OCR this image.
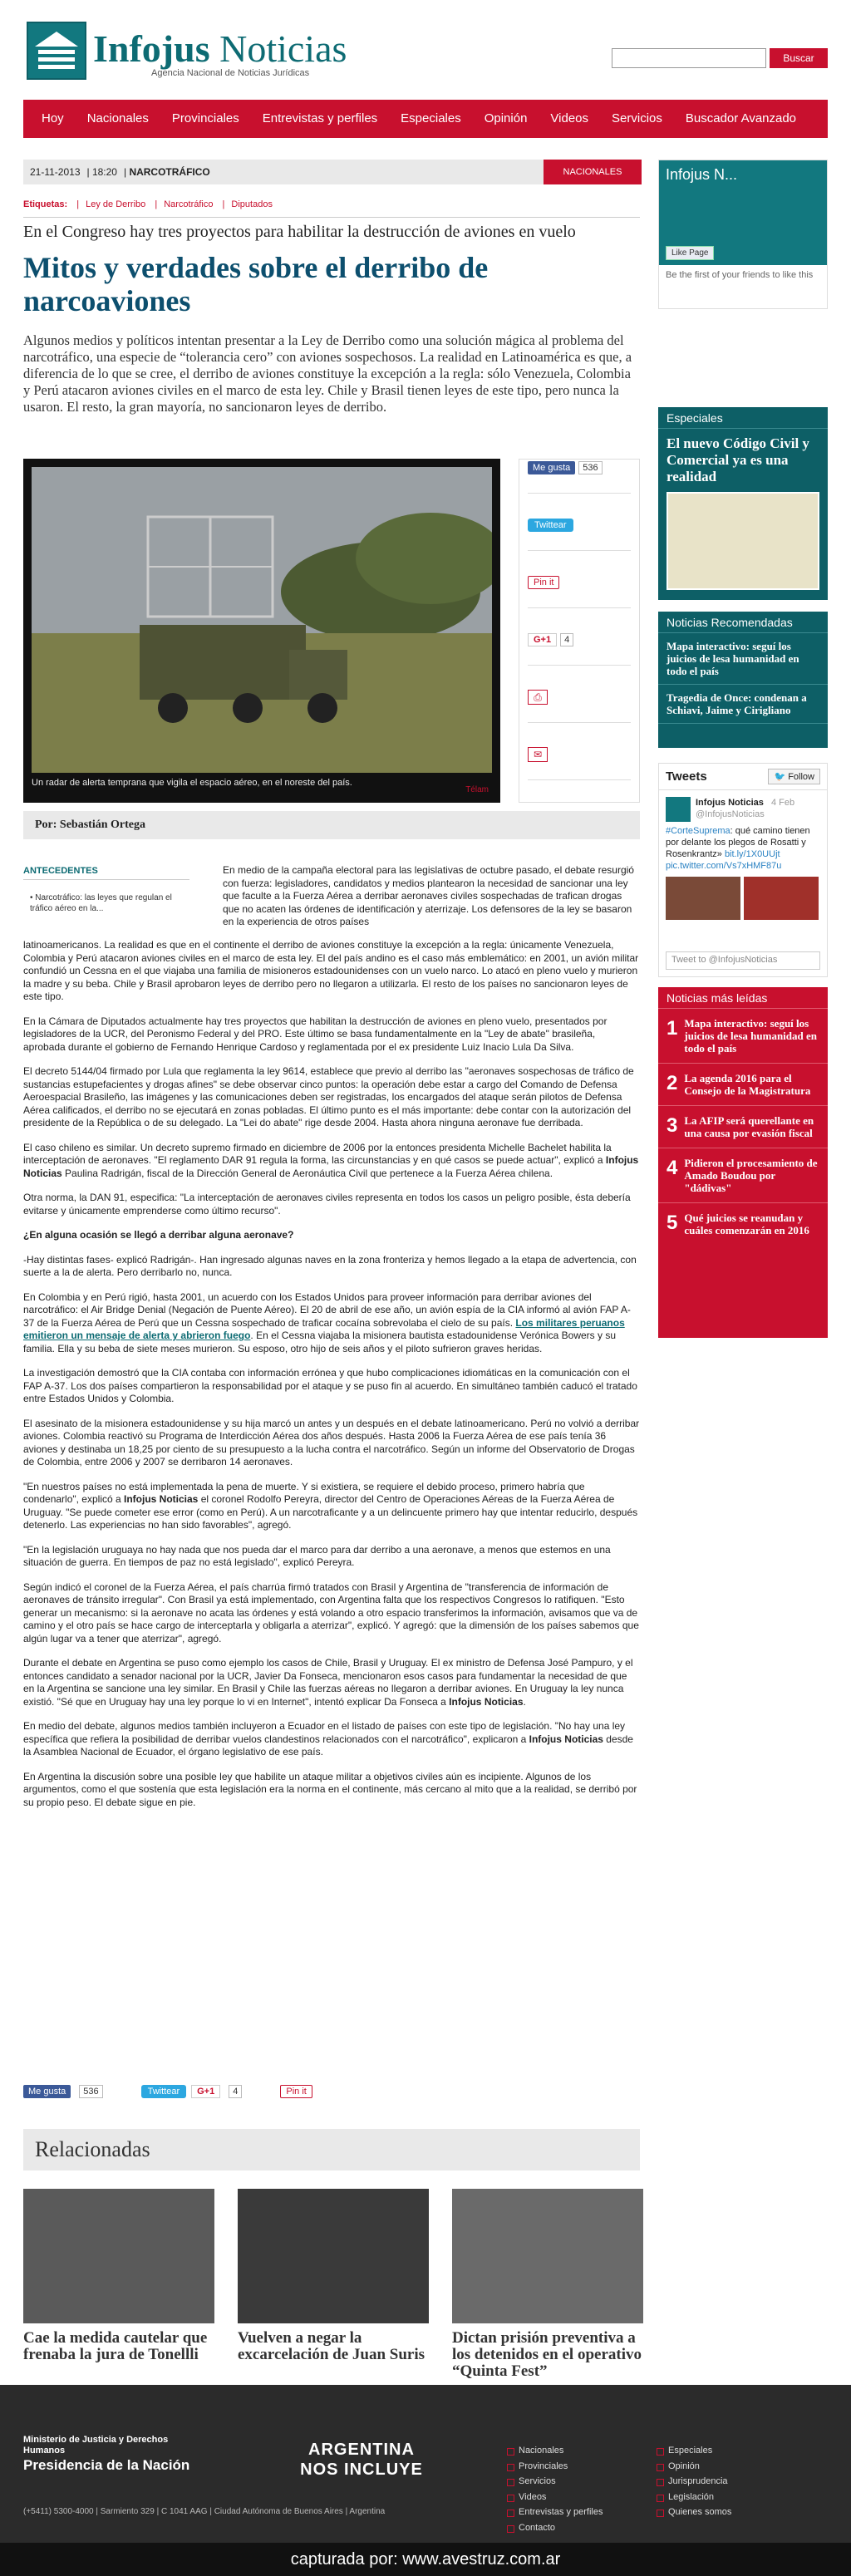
Infojus Noticias
Agencia Nacional de Noticias Jurídicas
Buscar
Hoy	Nacionales	Provinciales	Entrevistas y perfiles	Especiales	Opinión	Videos	Servicios	Buscador Avanzado
21-11-2013 | 18:20 | NARCOTRÁFICO	NACIONALES
Etiquetas: | Ley de Derribo | Narcotráfico | Diputados
En el Congreso hay tres proyectos para habilitar la destrucción de aviones en vuelo
Mitos y verdades sobre el derribo de narcoaviones
Algunos medios y políticos intentan presentar a la Ley de Derribo como una solución mágica al problema del narcotráfico, una especie de “tolerancia cero” con aviones sospechosos. La realidad en Latinoamérica es que, a diferencia de lo que se cree, el derribo de aviones constituye la excepción a la regla: sólo Venezuela, Colombia y Perú atacaron aviones civiles en el marco de esta ley. Chile y Brasil tienen leyes de este tipo, pero nunca la usaron. El resto, la gran mayoría, no sancionaron leyes de derribo.
Un radar de alerta temprana que vigila el espacio aéreo, en el noreste del país.
Télam
Me gusta	536
Twittear
Pin it
G+1	4
⎙
✉
Por: Sebastián Ortega
ANTECEDENTES
• Narcotráfico: las leyes que regulan el tráfico aéreo en la...
En medio de la campaña electoral para las legislativas de octubre pasado, el debate resurgió con fuerza: legisladores, candidatos y medios plantearon la necesidad de sancionar una ley que faculte a la Fuerza Aérea a derribar aeronaves civiles sospechadas de trafican drogas que no acaten las órdenes de identificación y aterrizaje. Los defensores de la ley se basaron en la experiencia de otros países

latinoamericanos. La realidad es que en el continente el derribo de aviones constituye la excepción a la regla: únicamente Venezuela, Colombia y Perú atacaron aviones civiles en el marco de esta ley. El del país andino es el caso más emblemático: en 2001, un avión militar confundió un Cessna en el que viajaba una familia de misioneros estadounidenses con un vuelo narco. Lo atacó en pleno vuelo y murieron la madre y su beba. Chile y Brasil aprobaron leyes de derribo pero no llegaron a utilizarla. El resto de los países no sancionaron leyes de este tipo.

En la Cámara de Diputados actualmente hay tres proyectos que habilitan la destrucción de aviones en pleno vuelo, presentados por legisladores de la UCR, del Peronismo Federal y del PRO. Este último se basa fundamentalmente en la "Ley de abate" brasileña, aprobada durante el gobierno de Fernando Henrique Cardoso y reglamentada por el ex presidente Luiz Inacio Lula Da Silva.

El decreto 5144/04 firmado por Lula que reglamenta la ley 9614, establece que previo al derribo las "aeronaves sospechosas de tráfico de sustancias estupefacientes y drogas afines" se debe observar cinco puntos: la operación debe estar a cargo del Comando de Defensa Aeroespacial Brasileño, las imágenes y las comunicaciones deben ser registradas, los encargados del ataque serán pilotos de Defensa Aérea calificados, el derribo no se ejecutará en zonas pobladas. El último punto es el más importante: debe contar con la autorización del presidente de la República o de su delegado. La "Lei do abate" rige desde 2004. Hasta ahora ninguna aeronave fue derribada.

El caso chileno es similar. Un decreto supremo firmado en diciembre de 2006 por la entonces presidenta Michelle Bachelet habilita la interceptación de aeronaves. "El reglamento DAR 91 regula la forma, las circunstancias y en qué casos se puede actuar", explicó a Infojus Noticias Paulina Radrigán, fiscal de la Dirección General de Aeronáutica Civil que pertenece a la Fuerza Aérea chilena.

Otra norma, la DAN 91, especifica: "La interceptación de aeronaves civiles representa en todos los casos un peligro posible, ésta debería evitarse y únicamente emprenderse como último recurso".

¿En alguna ocasión se llegó a derribar alguna aeronave?

-Hay distintas fases- explicó Radrigán-. Han ingresado algunas naves en la zona fronteriza y hemos llegado a la etapa de advertencia, con suerte a la de alerta. Pero derribarlo no, nunca.

En Colombia y en Perú rigió, hasta 2001, un acuerdo con los Estados Unidos para proveer información para derribar aviones del narcotráfico: el Air Bridge Denial (Negación de Puente Aéreo). El 20 de abril de ese año, un avión espía de la CIA informó al avión FAP A-37 de la Fuerza Aérea de Perú que un Cessna sospechado de traficar cocaína sobrevolaba el cielo de su país. Los militares peruanos emitieron un mensaje de alerta y abrieron fuego. En el Cessna viajaba la misionera bautista estadounidense Verónica Bowers y su familia. Ella y su beba de siete meses murieron. Su esposo, otro hijo de seis años y el piloto sufrieron graves heridas.

La investigación demostró que la CIA contaba con información errónea y que hubo complicaciones idiomáticas en la comunicación con el FAP A-37. Los dos países compartieron la responsabilidad por el ataque y se puso fin al acuerdo. En simultáneo también caducó el tratado entre Estados Unidos y Colombia.

El asesinato de la misionera estadounidense y su hija marcó un antes y un después en el debate latinoamericano. Perú no volvió a derribar aviones. Colombia reactivó su Programa de Interdicción Aérea dos años después. Hasta 2006 la Fuerza Aérea de ese país tenía 36 aviones y destinaba un 18,25 por ciento de su presupuesto a la lucha contra el narcotráfico. Según un informe del Observatorio de Drogas de Colombia, entre 2006 y 2007 se derribaron 14 aeronaves.

"En nuestros países no está implementada la pena de muerte. Y si existiera, se requiere el debido proceso, primero habría que condenarlo", explicó a Infojus Noticias el coronel Rodolfo Pereyra, director del Centro de Operaciones Aéreas de la Fuerza Aérea de Uruguay. "Se puede cometer ese error (como en Perú). A un narcotraficante y a un delincuente primero hay que intentar reducirlo, después detenerlo. Las experiencias no han sido favorables", agregó.

"En la legislación uruguaya no hay nada que nos pueda dar el marco para dar derribo a una aeronave, a menos que estemos en una situación de guerra. En tiempos de paz no está legislado", explicó Pereyra.

Según indicó el coronel de la Fuerza Aérea, el país charrúa firmó tratados con Brasil y Argentina de "transferencia de información de aeronaves de tránsito irregular". Con Brasil ya está implementado, con Argentina falta que los respectivos Congresos lo ratifiquen. "Esto generar un mecanismo: si la aeronave no acata las órdenes y está volando a otro espacio transferimos la información, avisamos que va de camino y el otro país se hace cargo de interceptarla y obligarla a aterrizar", explicó. Y agregó: que la dimensión de los países sabemos que algún lugar va a tener que aterrizar", agregó.

Durante el debate en Argentina se puso como ejemplo los casos de Chile, Brasil y Uruguay. El ex ministro de Defensa José Pampuro, y el entonces candidato a senador nacional por la UCR, Javier Da Fonseca, mencionaron esos casos para fundamentar la necesidad de que en la Argentina se sancione una ley similar. En Brasil y Chile las fuerzas aéreas no llegaron a derribar aviones. En Uruguay la ley nunca existió. "Sé que en Uruguay hay una ley porque lo vi en Internet", intentó explicar Da Fonseca a Infojus Noticias.

En medio del debate, algunos medios también incluyeron a Ecuador en el listado de países con este tipo de legislación. "No hay una ley específica que refiera la posibilidad de derribar vuelos clandestinos relacionados con el narcotráfico", explicaron a Infojus Noticias desde la Asamblea Nacional de Ecuador, el órgano legislativo de ese país.

En Argentina la discusión sobre una posible ley que habilite un ataque militar a objetivos civiles aún es incipiente. Algunos de los argumentos, como el que sostenía que esta legislación era la norma en el continente, más cercano al mito que a la realidad, se derribó por su propio peso. El debate sigue en pie.

Me gusta	536	Twittear	G+1	4	Pin it
Relacionadas
Cae la medida cautelar que frenaba la jura de Tonellli
Vuelven a negar la excarcelación de Juan Suris
Dictan prisión preventiva a los detenidos en el operativo “Quinta Fest”
Infojus N...
Like Page
Be the first of your friends to like this
Especiales
El nuevo Código Civil y Comercial ya es una realidad
Noticias Recomendadas
Mapa interactivo: seguí los juicios de lesa humanidad en todo el país
Tragedia de Once: condenan a Schiavi, Jaime y Cirigliano
Tweets	🐦 Follow
Infojus Noticias 4 Feb
@InfojusNoticias
#CorteSuprema: qué camino tienen por delante los plegos de Rosatti y Rosenkrantz» bit.ly/1X0UUjt pic.twitter.com/Vs7xHMF87u
Tweet to @InfojusNoticias
Noticias más leídas
1 Mapa interactivo: seguí los juicios de lesa humanidad en todo el país
2 La agenda 2016 para el Consejo de la Magistratura
3 La AFIP será querellante en una causa por evasión fiscal
4 Pidieron el procesamiento de Amado Boudou por "dádivas"
5 Qué juicios se reanudan y cuáles comenzarán en 2016
Ministerio de Justicia y Derechos Humanos
Presidencia de la Nación
(+5411) 5300-4000 | Sarmiento 329 | C 1041 AAG | Ciudad Autónoma de Buenos Aires | Argentina
ARGENTINA NOS INCLUYE
Nacionales
Provinciales
Servicios
Videos
Entrevistas y perfiles
Contacto
Especiales
Opinión
Jurisprudencia
Legislación
Quienes somos
capturada por: www.avestruz.com.ar
